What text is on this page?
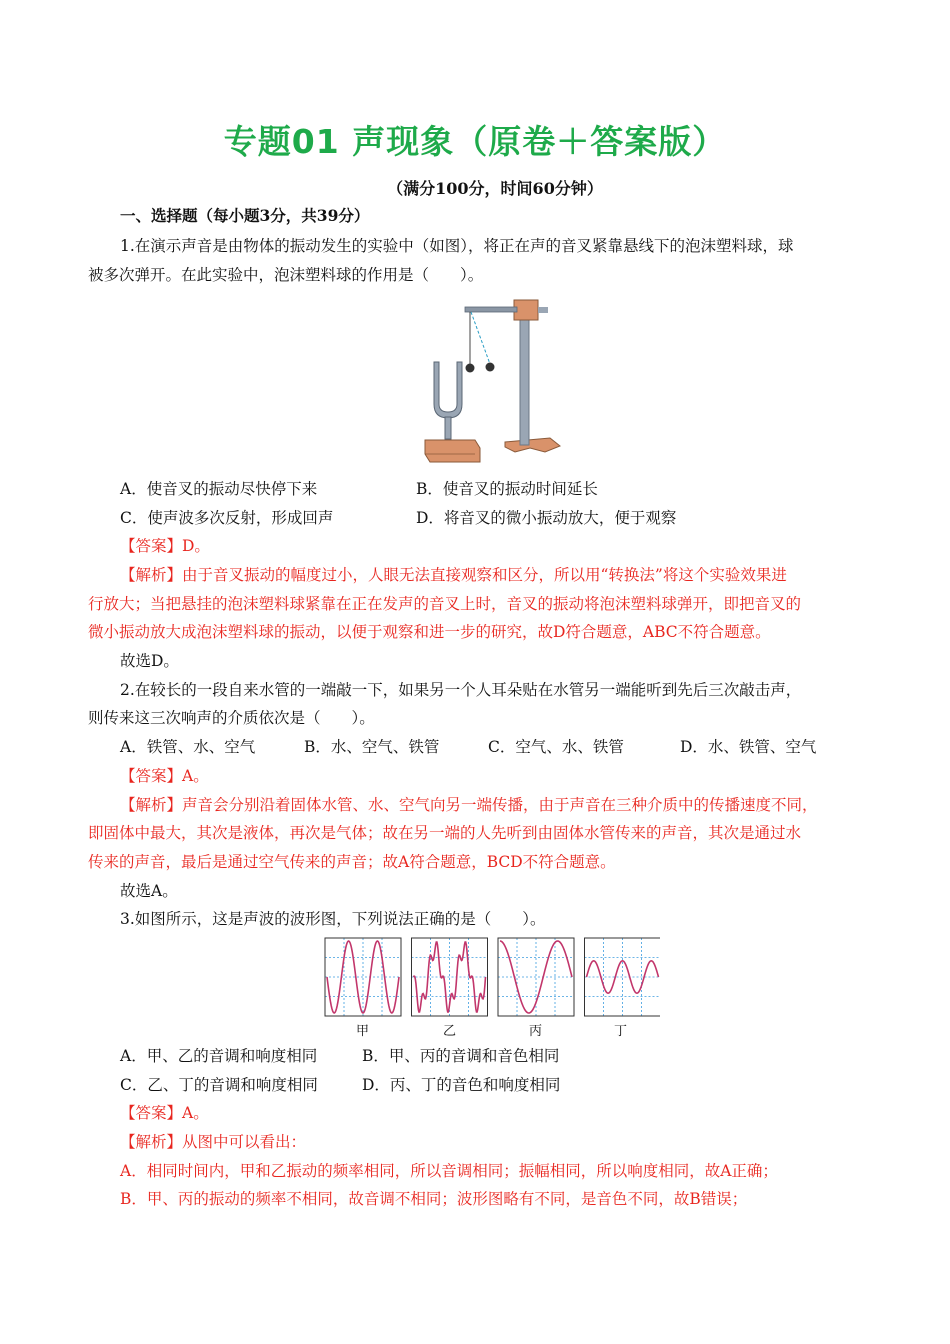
专题01 声现象（原卷＋答案版）
（满分100分，时间60分钟）
一、选择题（每小题3分，共39分）
1.在演示声音是由物体的振动发生的实验中（如图），将正在声的音叉紧靠悬线下的泡沫塑料球，球
被多次弹开。在此实验中，泡沫塑料球的作用是（　　）。
A．使音叉的振动尽快停下来	B．使音叉的振动时间延长
C．使声波多次反射，形成回声	D．将音叉的微小振动放大，便于观察
【答案】D。
【解析】由于音叉振动的幅度过小，人眼无法直接观察和区分，所以用“转换法”将这个实验效果进
行放大；当把悬挂的泡沫塑料球紧靠在正在发声的音叉上时，音叉的振动将泡沫塑料球弹开，即把音叉的
微小振动放大成泡沫塑料球的振动，以便于观察和进一步的研究，故D符合题意，ABC不符合题意。
故选D。
2.在较长的一段自来水管的一端敲一下，如果另一个人耳朵贴在水管另一端能听到先后三次敲击声，
则传来这三次响声的介质依次是（　　）。
A．铁管、水、空气	B．水、空气、铁管	C．空气、水、铁管	D．水、铁管、空气
【答案】A。
【解析】声音会分别沿着固体水管、水、空气向另一端传播，由于声音在三种介质中的传播速度不同，
即固体中最大，其次是液体，再次是气体；故在另一端的人先听到由固体水管传来的声音，其次是通过水
传来的声音，最后是通过空气传来的声音；故A符合题意，BCD不符合题意。
故选A。
3.如图所示，这是声波的波形图，下列说法正确的是（　　）。
甲	乙	丙	丁
A．甲、乙的音调和响度相同	B．甲、丙的音调和音色相同
C．乙、丁的音调和响度相同	D．丙、丁的音色和响度相同
【答案】A。
【解析】从图中可以看出：
A．相同时间内，甲和乙振动的频率相同，所以音调相同；振幅相同，所以响度相同，故A正确；
B．甲、丙的振动的频率不相同，故音调不相同；波形图略有不同，是音色不同，故B错误；
